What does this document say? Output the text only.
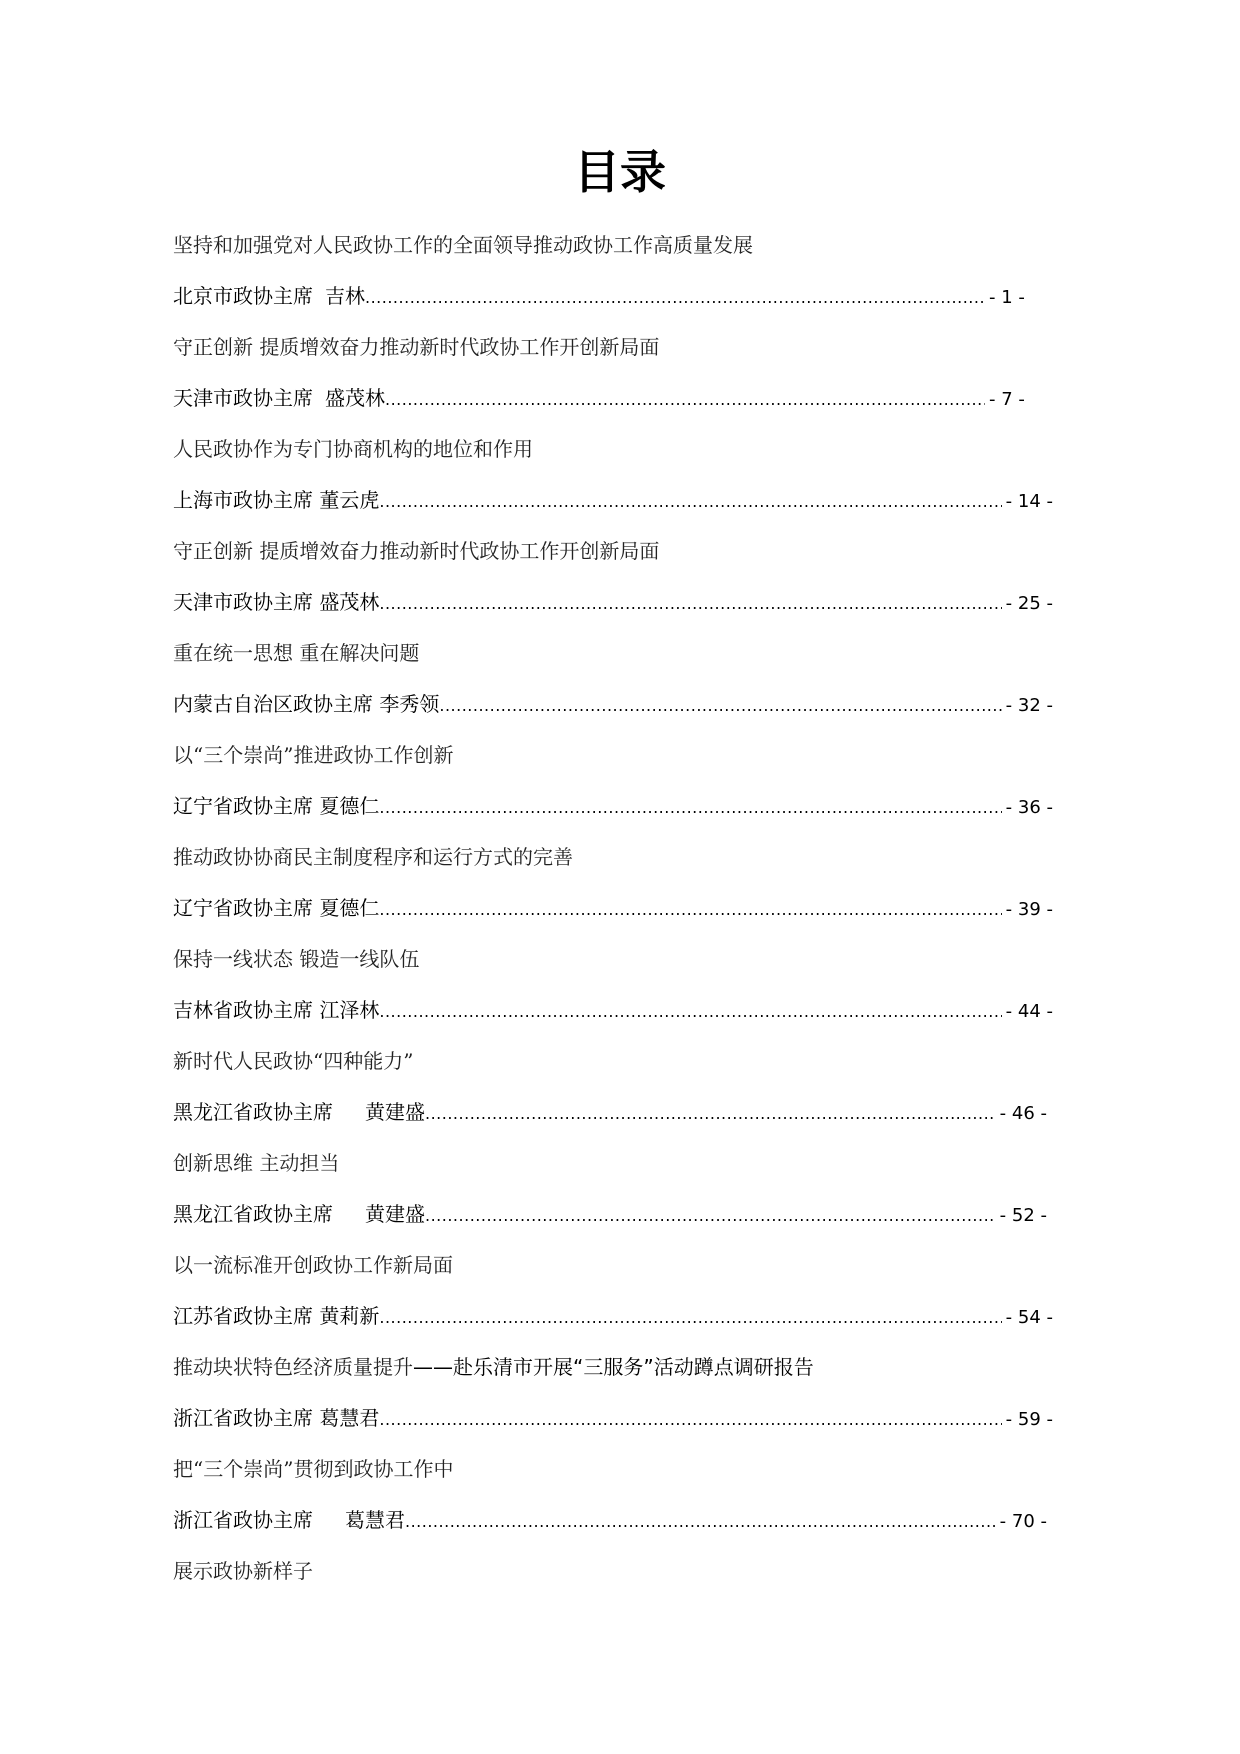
目录
坚持和加强党对人民政协工作的全面领导推动政协工作高质量发展
北京市政协主席 吉林 .....	- 1 -
守正创新 提质增效奋力推动新时代政协工作开创新局面
天津市政协主席 盛茂林 .....	- 7 -
人民政协作为专门协商机构的地位和作用
上海市政协主席 董云虎 .....	- 14 -
守正创新 提质增效奋力推动新时代政协工作开创新局面
天津市政协主席 盛茂林 .....	- 25 -
重在统一思想 重在解决问题
内蒙古自治区政协主席 李秀领 .....	- 32 -
以“三个崇尚”推进政协工作创新
辽宁省政协主席 夏德仁 .....	- 36 -
推动政协协商民主制度程序和运行方式的完善
辽宁省政协主席 夏德仁 .....	- 39 -
保持一线状态 锻造一线队伍
吉林省政协主席 江泽林 .....	- 44 -
新时代人民政协“四种能力”
黑龙江省政协主席 黄建盛 .....	- 46 -
创新思维 主动担当
黑龙江省政协主席 黄建盛 .....	- 52 -
以一流标准开创政协工作新局面
江苏省政协主席 黄莉新 .....	- 54 -
推动块状特色经济质量提升——赴乐清市开展“三服务”活动蹲点调研报告
浙江省政协主席 葛慧君 .....	- 59 -
把“三个崇尚”贯彻到政协工作中
浙江省政协主席 葛慧君 .....	- 70 -
展示政协新样子
